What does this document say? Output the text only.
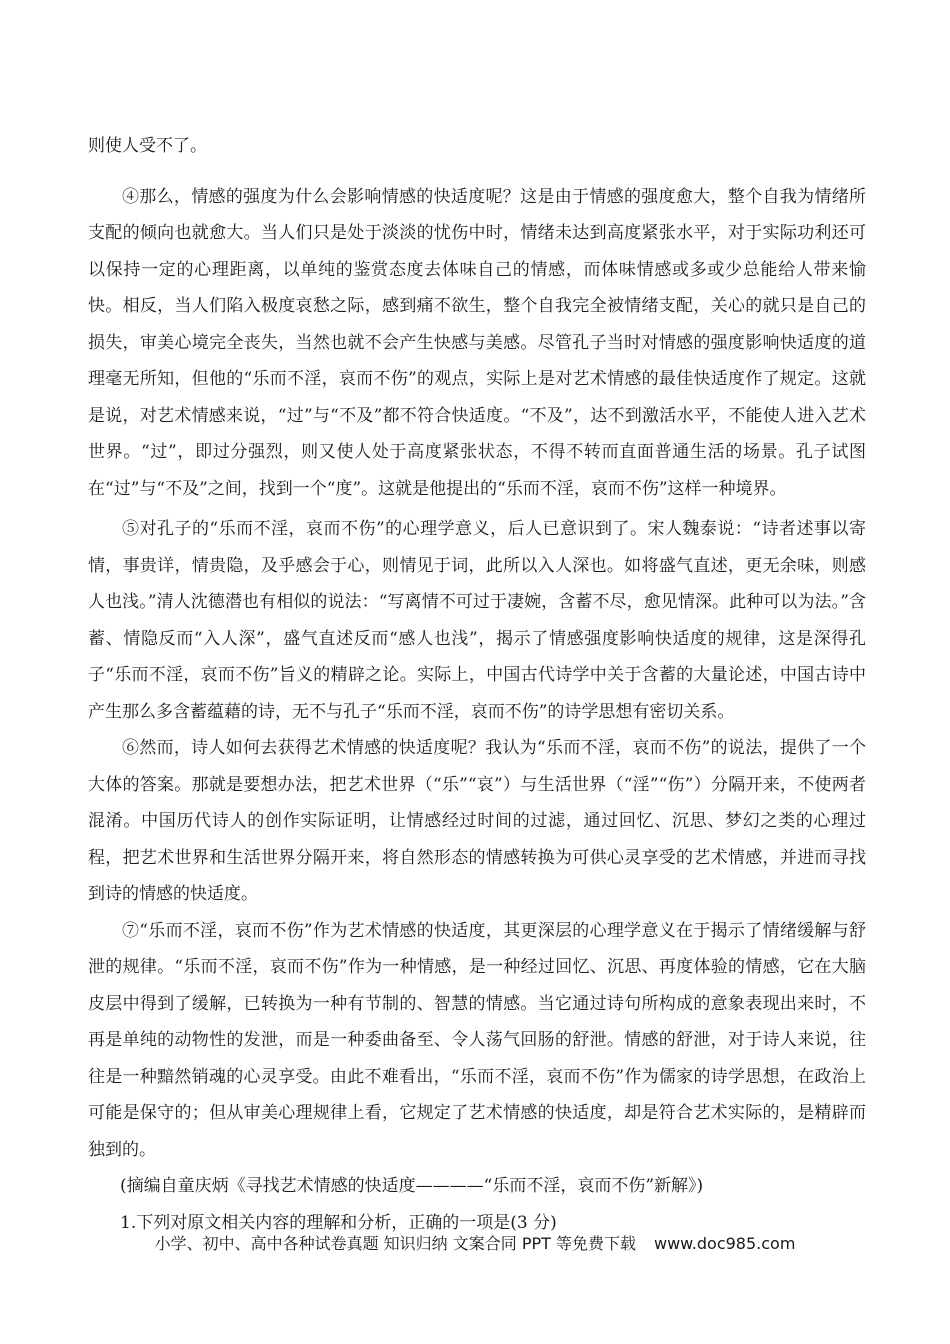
则使人受不了。

④那么，情感的强度为什么会影响情感的快适度呢？这是由于情感的强度愈大，整个自我为情绪所支配的倾向也就愈大。当人们只是处于淡淡的忧伤中时，情绪未达到高度紧张水平，对于实际功利还可以保持一定的心理距离，以单纯的鉴赏态度去体味自己的情感，而体味情感或多或少总能给人带来愉快。相反，当人们陷入极度哀愁之际，感到痛不欲生，整个自我完全被情绪支配，关心的就只是自己的损失，审美心境完全丧失，当然也就不会产生快感与美感。尽管孔子当时对情感的强度影响快适度的道理毫无所知，但他的“乐而不淫，哀而不伤”的观点，实际上是对艺术情感的最佳快适度作了规定。这就是说，对艺术情感来说，“过”与“不及”都不符合快适度。“不及”，达不到激活水平，不能使人进入艺术世界。“过”，即过分强烈，则又使人处于高度紧张状态，不得不转而直面普通生活的场景。孔子试图在“过”与“不及”之间，找到一个“度”。这就是他提出的“乐而不淫，哀而不伤”这样一种境界。

⑤对孔子的“乐而不淫，哀而不伤”的心理学意义，后人已意识到了。宋人魏泰说：“诗者述事以寄情，事贵详，情贵隐，及乎感会于心，则情见于词，此所以入人深也。如将盛气直述，更无余味，则感人也浅。”清人沈德潜也有相似的说法：“写离情不可过于凄婉，含蓄不尽，愈见情深。此种可以为法。”含蓄、情隐反而“入人深”，盛气直述反而“感人也浅”，揭示了情感强度影响快适度的规律，这是深得孔子“乐而不淫，哀而不伤”旨义的精辟之论。实际上，中国古代诗学中关于含蓄的大量论述，中国古诗中产生那么多含蓄蕴藉的诗，无不与孔子“乐而不淫，哀而不伤”的诗学思想有密切关系。

⑥然而，诗人如何去获得艺术情感的快适度呢？我认为“乐而不淫，哀而不伤”的说法，提供了一个大体的答案。那就是要想办法，把艺术世界（“乐”“哀”）与生活世界（“淫”“伤”）分隔开来，不使两者混淆。中国历代诗人的创作实际证明，让情感经过时间的过滤，通过回忆、沉思、梦幻之类的心理过程，把艺术世界和生活世界分隔开来，将自然形态的情感转换为可供心灵享受的艺术情感，并进而寻找到诗的情感的快适度。

⑦“乐而不淫，哀而不伤”作为艺术情感的快适度，其更深层的心理学意义在于揭示了情绪缓解与舒泄的规律。“乐而不淫，哀而不伤”作为一种情感，是一种经过回忆、沉思、再度体验的情感，它在大脑皮层中得到了缓解，已转换为一种有节制的、智慧的情感。当它通过诗句所构成的意象表现出来时，不再是单纯的动物性的发泄，而是一种委曲备至、令人荡气回肠的舒泄。情感的舒泄，对于诗人来说，往往是一种黯然销魂的心灵享受。由此不难看出，“乐而不淫，哀而不伤”作为儒家的诗学思想，在政治上可能是保守的；但从审美心理规律上看，它规定了艺术情感的快适度，却是符合艺术实际的，是精辟而独到的。

(摘编自童庆炳《寻找艺术情感的快适度————“乐而不淫，哀而不伤”新解》)

1.下列对原文相关内容的理解和分析，正确的一项是(3 分)

小学、初中、高中各种试卷真题 知识归纳 文案合同 PPT 等免费下载 www.doc985.com
